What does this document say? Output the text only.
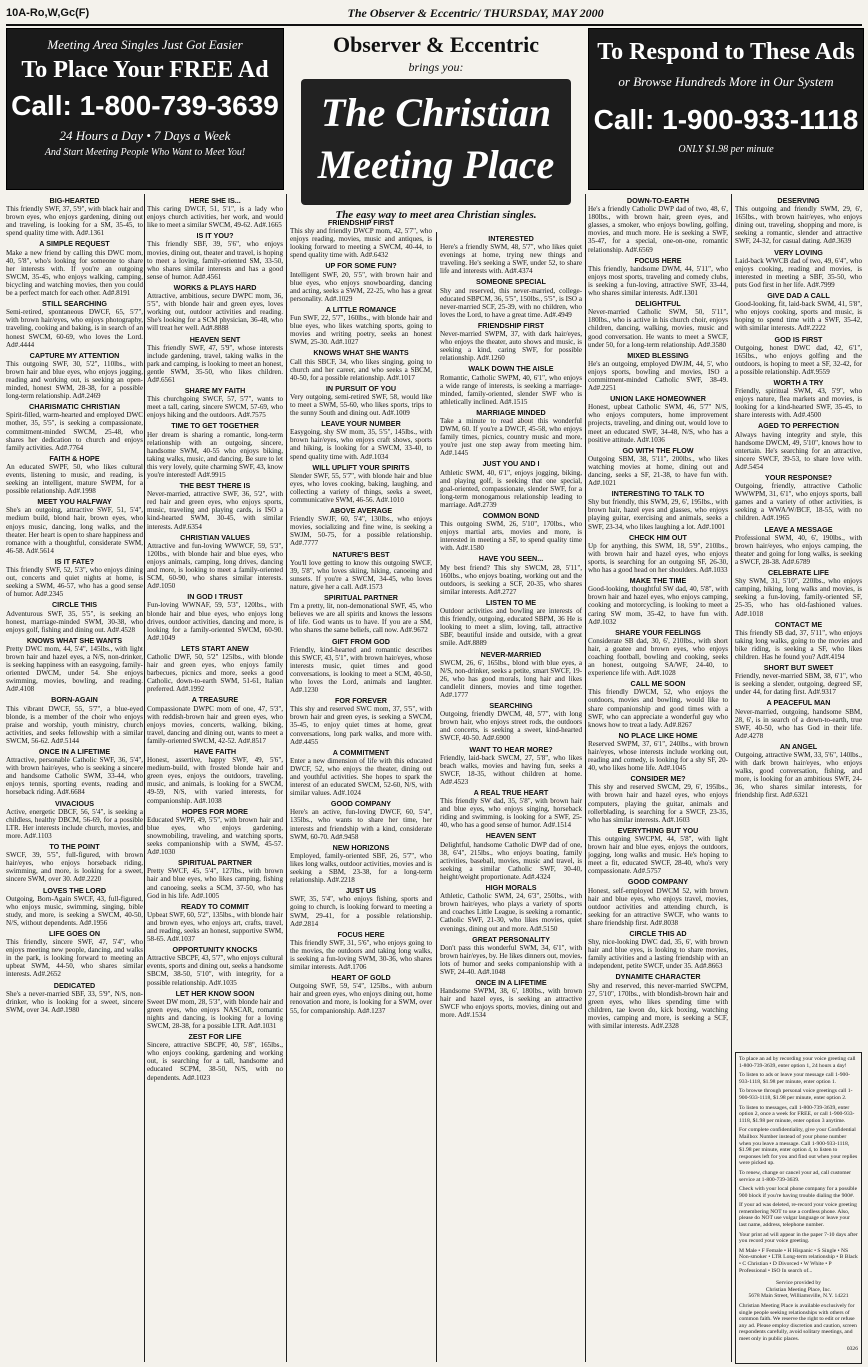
10A-Ro,W,Gc(F)	The Observer & Eccentric/ THURSDAY, MAY 2000
Meeting Area Singles Just Got Easier
To Place Your FREE Ad
Call: 1-800-739-3639
24 Hours a Day • 7 Days a Week
And Start Meeting People Who Want to Meet You!
Observer & Eccentric
brings you:
The Christian Meeting Place
The easy way to meet area Christian singles.
To Respond to These Ads
or Browse Hundreds More in Our System
Call: 1-900-933-1118
ONLY $1.98 per minute
BIG-HEARTED

This friendly SWF, 37, 5'9", with black hair and brown eyes, who enjoys gardening, dining out and traveling, is looking for a SM, 35-45, to spend quality time with. Ad#.1361

A SIMPLE REQUEST

Make a new friend by calling this DWC mom, 40, 5'8", who's looking for someone to share her interests with. If you're an outgoing SWCM, 35-45, who enjoys walking, camping, bicycling and watching movies, then you could be a perfect match for each other. Ad#.8191

STILL SEARCHING

Semi-retired, spontaneous DWCF, 65, 5'7", with brown hair/eyes, who enjoys photography, traveling, cooking and baking, is in search of an honest SWCM, 60-69, who loves the Lord. Ad#.4444

CAPTURE MY ATTENTION

This outgoing SWF, 30, 5'2", 110lbs., with brown hair and blue eyes, who enjoys jogging, reading and working out, is seeking an open-minded, honest SWM, 28-38, for a possible long-term relationship. Ad#.2469

CHARISMATIC CHRISTIAN

Spirit-filled, warm-hearted and employed DWC mother, 35, 5'5", is seeking a compassionate, commitment-minded SWCM, 25-48, who shares her dedication to church and enjoys family activities. Ad#.7764

FAITH & HOPE

An educated SWPF, 50, who likes cultural events, listening to music, and reading, is seeking an intelligent, mature SWPM, for a possible relationship. Ad#.1998

MEET YOU HALFWAY

She's an outgoing, attractive SWF, 51, 5'4", medium build, blond hair, brown eyes, who enjoys music, dancing, long walks, and the theater. Her heart is open to share happiness and romance with a thoughtful, considerate SWM, 46-58. Ad#.5614

IS IT FATE?

This friendly SWF, 52, 5'3", who enjoys dining out, concerts and quiet nights at home, is seeking a SWM, 46-57, who has a good sense of humor. Ad#.2345

CIRCLE THIS

Adventurous SWF, 35, 5'5", is seeking an honest, marriage-minded SWM, 30-38, who enjoys golf, fishing and dining out. Ad#.4528

KNOWS WHAT SHE WANTS

Pretty DWC mom, 44, 5'4", 145lbs., with light brown hair and hazel eyes, a N/S, non-drinker, is seeking happiness with an easygoing, family-oriented DWCM, under 54. She enjoys swimming, movies, bowling, and reading. Ad#.4108

BORN-AGAIN

This vibrant DWCF, 55, 5'7", a blue-eyed blonde, is a member of the choir who enjoys praise and worship, youth ministry, church activities, and seeks fellowship with a similar SWCM, 56-62. Ad#.5144

ONCE IN A LIFETIME

Attractive, personable Catholic SWF, 36, 5'4", with brown hair/eyes, who is seeking a sincere and handsome Catholic SWM, 33-44, who enjoys tennis, sporting events, reading and horseback riding. Ad#.6684

VIVACIOUS

Active, energetic DBCF, 56, 5'4", is seeking a childless, healthy DBCM, 56-69, for a possible LTR. Her interests include church, movies, and more. Ad#.1103

TO THE POINT

SWCF, 39, 5'5", full-figured, with brown hair/eyes, who enjoys horseback riding, swimming, and more, is looking for a sweet, sincere SWM, over 30. Ad#.2220

LOVES THE LORD

Outgoing, Born-Again SWCF, 43, full-figured, who enjoys music, swimming, singing, bible study, and more, is seeking a SWCM, 40-50, N/S, without dependents. Ad#.1956

LIFE GOES ON

This friendly, sincere SWF, 47, 5'4", who enjoys meeting new people, dancing, and walks in the park, is looking forward to meeting an upbeat SWM, 44-50, who shares similar interests. Ad#.2652

DEDICATED

She's a never-married SBF, 33, 5'9", N/S, non-drinker, who is looking for a sweet, sincere SWM, over 34. Ad#.1980

HERE SHE IS...

This caring DWCF, 51, 5'1", is a lady who enjoys church activities, her work, and would like to meet a similar SWCM, 49-62. Ad#.1665

IS IT YOU?

This friendly SBF, 39, 5'6", who enjoys movies, dining out, theater and travel, is hoping to meet a loving, family-oriented SM, 33-50, who shares similar interests and has a good sense of humor. Ad#.4561

WORKS & PLAYS HARD

Attractive, ambitious, secure DWPC mom, 36, 5'5", with blonde hair and green eyes, loves working out, outdoor activities and reading. She's looking for a SCM physician, 36-48, who will treat her well. Ad#.8888

HEAVEN SENT

This friendly SWF, 47, 5'9", whose interests include gardening, travel, taking walks in the park and camping, is looking to meet an honest, gentle SWM, 35-50, who likes children. Ad#.6561

SHARE MY FAITH

This churchgoing SWCF, 57, 5'7", wants to meet a tall, caring, sincere SWCM, 57-69, who enjoys hiking and the outdoors. Ad#.7575

TIME TO GET TOGETHER

Her dream is sharing a romantic, long-term relationship with an outgoing, sincere, handsome SWM, 40-55 who enjoys biking, taking walks, music, and dancing. Be sure to let this very lovely, quite charming SWF, 43, know you're interested! Ad#.9915

THE BEST THERE IS

Never-married, attractive SWF, 36, 5'2", with red hair and green eyes, who enjoys sports, music, traveling and playing cards, is ISO a kind-hearted SWM, 30-45, with similar interests. Ad#.6354

CHRISTIAN VALUES

Attractive and fun-loving WWWCF, 59, 5'3", 120lbs., with blonde hair and blue eyes, who enjoys animals, camping, long drives, dancing and more, is looking to meet a family-oriented SCM, 60-90, who shares similar interests. Ad#.1050

IN GOD I TRUST

Fun-loving WWNAF, 59, 5'3", 120lbs., with blonde hair and blue eyes, who enjoys long drives, outdoor activities, dancing and more, is looking for a family-oriented SWCM, 60-90. Ad#.1049

LETS START ANEW

Catholic DWF, 50, 5'2" 125lbs., with blonde hair and green eyes, who enjoys family barbecues, picnics and more, seeks a good Catholic, down-to-earth SWM, 51-61, Italian preferred. Ad#.1992

A TREASURE

Compassionate DWPC mom of one, 47, 5'3", with reddish-brown hair and green eyes, who enjoys movies, concerts, walking, biking, travel, dancing and dining out, wants to meet a family-oriented SWCM, 42-52. Ad#.8517

HAVE FAITH

Honest, assertive, happy SWF, 49, 5'6", medium-build, with frosted blonde hair and green eyes, enjoys the outdoors, traveling, music, and animals, is looking for a SWCM, 49-59, N/S, with varied interests, for companionship. Ad#.1038

HOPES FOR MORE

Educated SWPF, 49, 5'5", with brown hair and blue eyes, who enjoys gardening, snowmobiling, traveling, and watching sports, seeks companionship with a SWM, 45-57. Ad#.1030

SPIRITUAL PARTNER

Pretty SWCF, 45, 5'4", 127lbs., with brown hair and blue eyes, who likes camping, fishing and canoeing, seeks a SCM, 37-50, who has God in his life. Ad#.1005

READY TO COMMIT

Upbeat SWF, 60, 5'2", 135lbs., with blonde hair and brown eyes, who enjoys art, crafts, travel, and reading, seeks an honest, supportive SWM, 58-65. Ad#.1037

OPPORTUNITY KNOCKS

Attractive SBCPF, 43, 5'7", who enjoys cultural events, sports and dining out, seeks a handsome SBCM, 38-50, 5'10", with integrity, for a possible relationship. Ad#.1035

LET HER KNOW SOON

Sweet DW mom, 28, 5'3", with blonde hair and green eyes, who enjoys NASCAR, romantic nights and dancing, is looking for a loving SWCM, 28-38, for a possible LTR. Ad#.1031

ZEST FOR LIFE

Sincere, attractive SBCPF, 40, 5'8", 165lbs., who enjoys cooking, gardening and working out, is searching for a tall, handsome and educated SCPM, 38-50, N/S, with no dependents. Ad#.1023

FRIENDSHIP FIRST

This shy and friendly DWCP mom, 42, 5'7", who enjoys reading, movies, music and antiques, is looking forward to meeting a SWCM, 40-44, to spend quality time with. Ad#.6432

UP FOR SOME FUN?

Intelligent SWF, 20, 5'5", with brown hair and blue eyes, who enjoys snowboarding, dancing and acting, seeks a SWM, 22-25, who has a great personality. Ad#.1029

A LITTLE ROMANCE

Fun SWF, 22, 5'7", 160lbs., with blonde hair and blue eyes, who likes watching sports, going to movies and writing poetry, seeks an honest SWM, 25-30. Ad#.1027

KNOWS WHAT SHE WANTS

Call this SBCF, 34, who likes singing, going to church and her career, and who seeks a SBCM, 40-50, for a possible relationship. Ad#.1017

IN PURSUIT OF YOU

Very outgoing, semi-retired SWF, 58, would like to meet a SWM, 55-60, who likes sports, trips to the sunny South and dining out. Ad#.1009

LEAVE YOUR NUMBER

Easygoing, shy SW mom, 35, 5'5", 145lbs., with brown hair/eyes, who enjoys craft shows, sports and hiking, is looking for a SWCM, 33-40, to spend quality time with. Ad#.1034

WILL UPLIFT YOUR SPIRITS

Slender SWF, 55, 5'7", with blonde hair and blue eyes, who loves cooking, baking, laughing, and collecting a variety of things, seeks a sweet, communicative SWM, 46-56. Ad#.1010

ABOVE AVERAGE

Friendly SWJF, 60, 5'4", 130lbs., who enjoys movies, socializing and fine wine, is seeking a SWJM, 50-75, for a possible relationship. Ad#.7777

NATURE'S BEST

You'll love getting to know this outgoing SWCF, 39, 5'8", who loves skiing, hiking, canoeing and sunsets. If you're a SWCM, 34-45, who loves nature, give her a call. Ad#.1573

SPIRITUAL PARTNER

I'm a pretty, lit, non-demonational SWF, 45, who believes we are all spirits and knows the lessons of life. God wants us to have. If you are a SM, who shares the same beliefs, call now. Ad#.9672

GIFT FROM GOD

Friendly, kind-hearted and romantic describes this SWCF, 43, 5'1", with brown hair/eyes, whose interests music, quiet times and good conversations, is looking to meet a SCM, 40-50, who loves the Lord, animals and laughter. Ad#.1230

FOR FOREVER

This shy and reserved SWC mom, 37, 5'5", with brown hair and green eyes, is seeking a SWCM, 35-45, to enjoy quiet times at home, great conversations, long park walks, and more with. Ad#.4455

A COMMITMENT

Enter a new dimension of life with this educated DWCF, 52, who enjoys the theater, dining out and youthful activities. She hopes to spark the interest of an educated SWCM, 52-60, N/S, with similar values. Ad#.1024

GOOD COMPANY

Here's an active, fun-loving DWCF, 60, 5'4", 135lbs., who wants to share her time, her interests and friendship with a kind, considerate SWM, 60-70. Ad#.9458

NEW HORIZONS

Employed, family-oriented SBF, 26, 5'7", who likes long walks, outdoor activities, movies and is seeking a SBM, 23-38, for a long-term relationship. Ad#.2218

JUST US

SWF, 35, 5'4", who enjoys fishing, sports and going to church, is looking forward to meeting a SWM, 29-41, for a possible relationship. Ad#.2814

FOCUS HERE

This friendly SWF, 31, 5'6", who enjoys going to the movies, the outdoors and taking long walks, is seeking a fun-loving SWM, 30-36, who shares similar interests. Ad#.1706

HEART OF GOLD

Outgoing SWF, 59, 5'4", 125lbs., with auburn hair and green eyes, who enjoys dining out, home renovation and more, is looking for a SWM, over 55, for companionship. Ad#.1237

INTERESTED

Here's a friendly SWM, 48, 5'7", who likes quiet evenings at home, trying new things and traveling. He's seeking a SWF, under 52, to share life and interests with. Ad#.4374

SOMEONE SPECIAL

Shy and reserved, this never-married, college-educated SBPCM, 36, 5'5", 150lbs., 5'5", is ISO a never-married SCF, 25-39, with no children, who loves the Lord, to have a great time. Ad#.4949

FRIENDSHIP FIRST

Never-married SWPM, 37, with dark hair/eyes, who enjoys the theater, auto shows and music, is seeking a kind, caring SWF, for possible relationship. Ad#.1260

WALK DOWN THE AISLE

Romantic, Catholic SWPM, 40, 6'1", who enjoys a wide range of interests, is seeking a marriage-minded, family-oriented, slender SWF who is athletically inclined. Ad#.1515

MARRIAGE MINDED

Take a minute to read about this wonderful DWM, 60. If you're a DWCF, 45-58, who enjoys family times, picnics, country music and more, you're just one step away from meeting him. Ad#.1445

JUST YOU AND I

Athletic SWM, 40, 6'1", enjoys jogging, biking, and playing golf, is seeking that one special, goal-oriented, compassionate, slender SWF, for a long-term monogamous relationship leading to marriage. Ad#.2739

COMMON BOND

This outgoing SWM, 26, 5'10", 170lbs., who enjoys martial arts, movies and more, is interested in meeting a SF, to spend quality time with. Ad#.1580

HAVE YOU SEEN...

My best friend? This shy SWCM, 28, 5'11", 160lbs., who enjoys boating, working out and the outdoors, is seeking a SCF, 20-35, who shares similar interests. Ad#.2727

LISTEN TO ME

Outdoor activities and bowling are interests of this friendly, outgoing, educated SBPM, 36 He is looking to meet a slim, loving, tall, attractive SBF, beautiful inside and outside, with a great smile. Ad#.8889

NEVER-MARRIED

SWCM, 26, 6', 165lbs., blond with blue eyes, a N/S, non-drinker, seeks a petite, smart SWCF, 19-26, who has good morals, long hair and likes candlelit dinners, movies and time together. Ad#.1777

SEARCHING

Outgoing, friendly DWCM, 48, 5'7", with long brown hair, who enjoys street rods, the outdoors and concerts, is seeking a sweet, kind-hearted SWCF, 40-50. Ad#.6900

WANT TO HEAR MORE?

Friendly, laid-back SWCM, 27, 5'8", who likes beach walks, movies and having fun, seeks a SWCF, 18-35, without children at home. Ad#.4523

A REAL TRUE HEART

This friendly SW dad, 35, 5'8", with brown hair and blue eyes, who enjoys singing, horseback riding and swimming, is looking for a SWF, 25-40, who has a good sense of humor. Ad#.1514

HEAVEN SENT

Delightful, handsome Catholic DWP dad of one, 38, 6'4", 215lbs., who enjoys boating, family activities, baseball, movies, music and travel, is seeking a similar Catholic SWF, 30-40, height/weight proportionate. Ad#.4324

HIGH MORALS

Athletic, Catholic SWM, 24, 6'3", 250lbs., with brown hair/eyes, who plays a variety of sports and coaches Little League, is seeking a romantic, Catholic SWF, 21-30, who likes movies, quiet evenings, dining out and more. Ad#.5150

GREAT PERSONALITY

Don't pass this wonderful SWM, 34, 6'1", with brown hair/eyes, by. He likes dinners out, movies, lots of humor and seeks companionship with a SWF, 24-40. Ad#.1048

ONCE IN A LIFETIME

Handsome SWPM, 38, 6', 180lbs., with brown hair and hazel eyes, is seeking an attractive SWCF who enjoys sports, movies, dining out and more. Ad#.1534

DOWN-TO-EARTH

He's a friendly Catholic DWP dad of two, 48, 6', 180lbs., with brown hair, green eyes, and glasses, a smoker, who enjoys bowling, golfing, movies, and much more. He is seeking a SWF, 35-47, for a special, one-on-one, romantic relationship. Ad#.6569

FOCUS HERE

This friendly, handsome DWM, 44, 5'11", who enjoys most sports, traveling and comedy clubs, is seeking a fun-loving, attractive SWF, 33-44, who shares similar interests. Ad#.1301

DELIGHTFUL

Never-married Catholic SWM, 50, 5'11", 180lbs., who is active in his church choir, enjoys children, dancing, walking, movies, music and good conversation. He wants to meet a SWCF, under 50, for a long-term relationship. Ad#.3580

MIXED BLESSING

He's an outgoing, employed DWJM, 44, 5', who enjoys sports, bowling and movies, ISO a commitment-minded Catholic SWF, 38-49. Ad#.2251

UNION LAKE HOMEOWNER

Honest, upbeat Catholic SWM, 46, 5'7" N/S, who enjoys computers, home improvement projects, traveling, and dining out, would love to meet an educated SWF, 34-48, N/S, who has a positive attitude. Ad#.1036

GO WITH THE FLOW

Outgoing SBM, 38, 5'11", 200lbs., who likes watching movies at home, dining out and dancing, seeks a SF, 21-38, to have fun with. Ad#.1021

INTERESTING TO TALK TO

Shy but friendly, this SWM, 29, 6', 195lbs., with brown hair, hazel eyes and glasses, who enjoys playing guitar, exercising and animals, seeks a SWF, 23-34, who likes laughing a lot. Ad#.1001

CHECK HIM OUT

Up for anything, this SWM, 18, 5'9", 210lbs., with brown hair and hazel eyes, who enjoys sports, is searching for an outgoing SF, 26-30, who has a good head on her shoulders. Ad#.1033

MAKE THE TIME

Good-looking, thoughtful SW dad, 40, 5'8", with brown hair and hazel eyes, who enjoys camping, cooking and motorcycling, is looking to meet a caring SW mom, 35-42, to have fun with. Ad#.1032

SHARE YOUR FEELINGS

Considerate SB dad, 30, 6', 210lbs., with short hair, a goatee and brown eyes, who enjoys coaching football, bowling and cooking, seeks an honest, outgoing SA/WF, 24-40, to experience life with. Ad#.1028

CALL ME SOON

This friendly DWCM, 52, who enjoys the outdoors, movies and bowling, would like to share companionship and good times with a SWF, who can appreciate a wonderful guy who knows how to treat a lady. Ad#.8267

NO PLACE LIKE HOME

Reserved SWPM, 37, 6'1", 240lbs., with brown hair/eyes, whose interests include working out, reading and comedy, is looking for a shy SF, 20-40, who likes home life. Ad#.1045

CONSIDER ME?

This shy and reserved SWCM, 29, 6', 195lbs., with brown hair and hazel eyes, who enjoys computers, playing the guitar, animals and rollerblading, is searching for a SWCF, 23-35, who has similar interests. Ad#.1603

EVERYTHING BUT YOU

This outgoing SWCPM, 44, 5'8", with light brown hair and blue eyes, enjoys the outdoors, jogging, long walks and music. He's hoping to meet a fit, educated SWCF, 28-40, who's very compassionate. Ad#.5757

GOOD COMPANY

Honest, self-employed DWCM 52, with brown hair and blue eyes, who enjoys travel, movies, outdoor activities and attending church, is seeking for an attractive SWCF, who wants to share friendship first. Ad#.8038

CIRCLE THIS AD

Shy, nice-looking DWC dad, 35, 6', with brown hair and blue eyes, is looking to share movies, family activities and a lasting friendship with an independent, petite SWCF, under 35. Ad#.8663

DYNAMITE CHARACTER

Shy and reserved, this never-married SWCPM, 27, 5'10", 170lbs., with blondish-brown hair and green eyes, who likes spending time with children, tae kwon do, kick boxing, watching movies, camping and more, is seeking a SCF, with similar interests. Ad#.2328

DESERVING

This outgoing and friendly SWM, 29, 6', 165lbs., with brown hair/eyes, who enjoys dining out, traveling, shopping and more, is seeking a romantic, slender and attractive SWF, 24-32, for casual dating. Ad#.3639

VERY LOVING

Laid-back WWCB dad of two, 49, 6'4", who enjoys cooking, reading and movies, is interested in meeting a SBF, 35-50, who puts God first in her life. Ad#.7999

GIVE DAD A CALL

Good-looking, fit, laid-back SWM, 41, 5'8", who enjoys cooking, sports and music, is hoping to spend time with a SWF, 35-42, with similar interests. Ad#.2222

GOD IS FIRST

Outgoing, honest DWC dad, 42, 6'1", 165lbs., who enjoys golfing and the outdoors, is hoping to meet a SF, 32-42, for a possible relationship. Ad#.9559

WORTH A TRY

Friendly, spiritual SWM, 43, 5'9", who enjoys nature, flea markets and movies, is looking for a kind-hearted SWF, 35-45, to share interests with. Ad#.4500

AGED TO PERFECTION

Always having integrity and style, this handsome DWCM, 49, 5'10", knows how to entertain. He's searching for an attractive, sincere SWCF, 39-53, to share love with. Ad#.5454

YOUR RESPONSE?

Outgoing, friendly, attractive Catholic WWWPM, 31, 6'1", who enjoys sports, ball games and a variety of other activities, is seeking a WWA/W/BCF, 18-55, with no children. Ad#.1965

LEAVE A MESSAGE

Professional SWM, 40, 6', 190lbs., with brown hair/eyes, who enjoys camping, the theater and going for long walks, is seeking a SWCF, 28-38. Ad#.6789

CELEBRATE LIFE

Shy SWM, 31, 5'10", 220lbs., who enjoys camping, hiking, long walks and movies, is seeking a fun-loving, family-oriented SF, 25-35, who has old-fashioned values. Ad#.1018

CONTACT ME

This friendly SB dad, 37, 5'11", who enjoys taking long walks, going to the movies and bike riding, is seeking a SF, who likes children. Has he found you? Ad#.4194

SHORT BUT SWEET

Friendly, never-married SBM, 38, 6'1", who is seeking a slender, outgoing, degreed SF, under 44, for dating first. Ad#.9317

A PEACEFUL MAN

Never-married, outgoing, handsome SBM, 28, 6', is in search of a down-to-earth, true SWF, 40-50, who has God in their life. Ad#.4278

AN ANGEL

Outgoing, attractive SWM, 33, 5'6", 140lbs., with dark brown hair/eyes, who enjoys walks, good conversation, fishing, and more, is looking for an ambitious SWF, 24-36, who shares similar interests, for friendship first. Ad#.6321

To place an ad by recording your voice greeting call 1-800-739-3639, enter option 1, 24 hours a day!

To listen to ads or leave your message call 1-900-933-1118, $1.98 per minute, enter option 1.

To browse through personal voice greetings call 1-900-933-1118, $1.98 per minute, enter option 2.

To listen to messages, call 1-800-739-3639, enter option 2, once a week for FREE, or call 1-900-933-1118, $1.98 per minute, enter option 3 anytime.

For complete confidentiality, give your Confidential Mailbox Number instead of your phone number when you leave a message. Call 1-900-933-1118, $1.98 per minute, enter option 4, to listen to responses left for you and find out when your replies were picked up.

To renew, change or cancel your ad, call customer service at 1-800-739-3639.

Check with your local phone company for a possible 900 block if you're having trouble dialing the 900#.

If your ad was deleted, re-record your voice greeting remembering NOT to use a cordless phone. Also, please do NOT use vulgar language or leave your last name, address, telephone number.

Your print ad will appear in the paper 7-10 days after you record your voice greeting.

M Male • F Female • H Hispanic • S Single • NS Non-smoker • LTR Long-term relationship • B Black • C Christian • D Divorced • W White • P Professional • ISO In search of...

Service provided by
Christian Meeting Place, Inc.
5678 Main Street, Williamsville, N.Y. 14221

Christian Meeting Place is available exclusively for single people seeking relationships with others of common faith. We reserve the right to edit or refuse any ad. Please employ discretion and caution, screen respondents carefully, avoid solitary meetings, and meet only in public places.

0326
